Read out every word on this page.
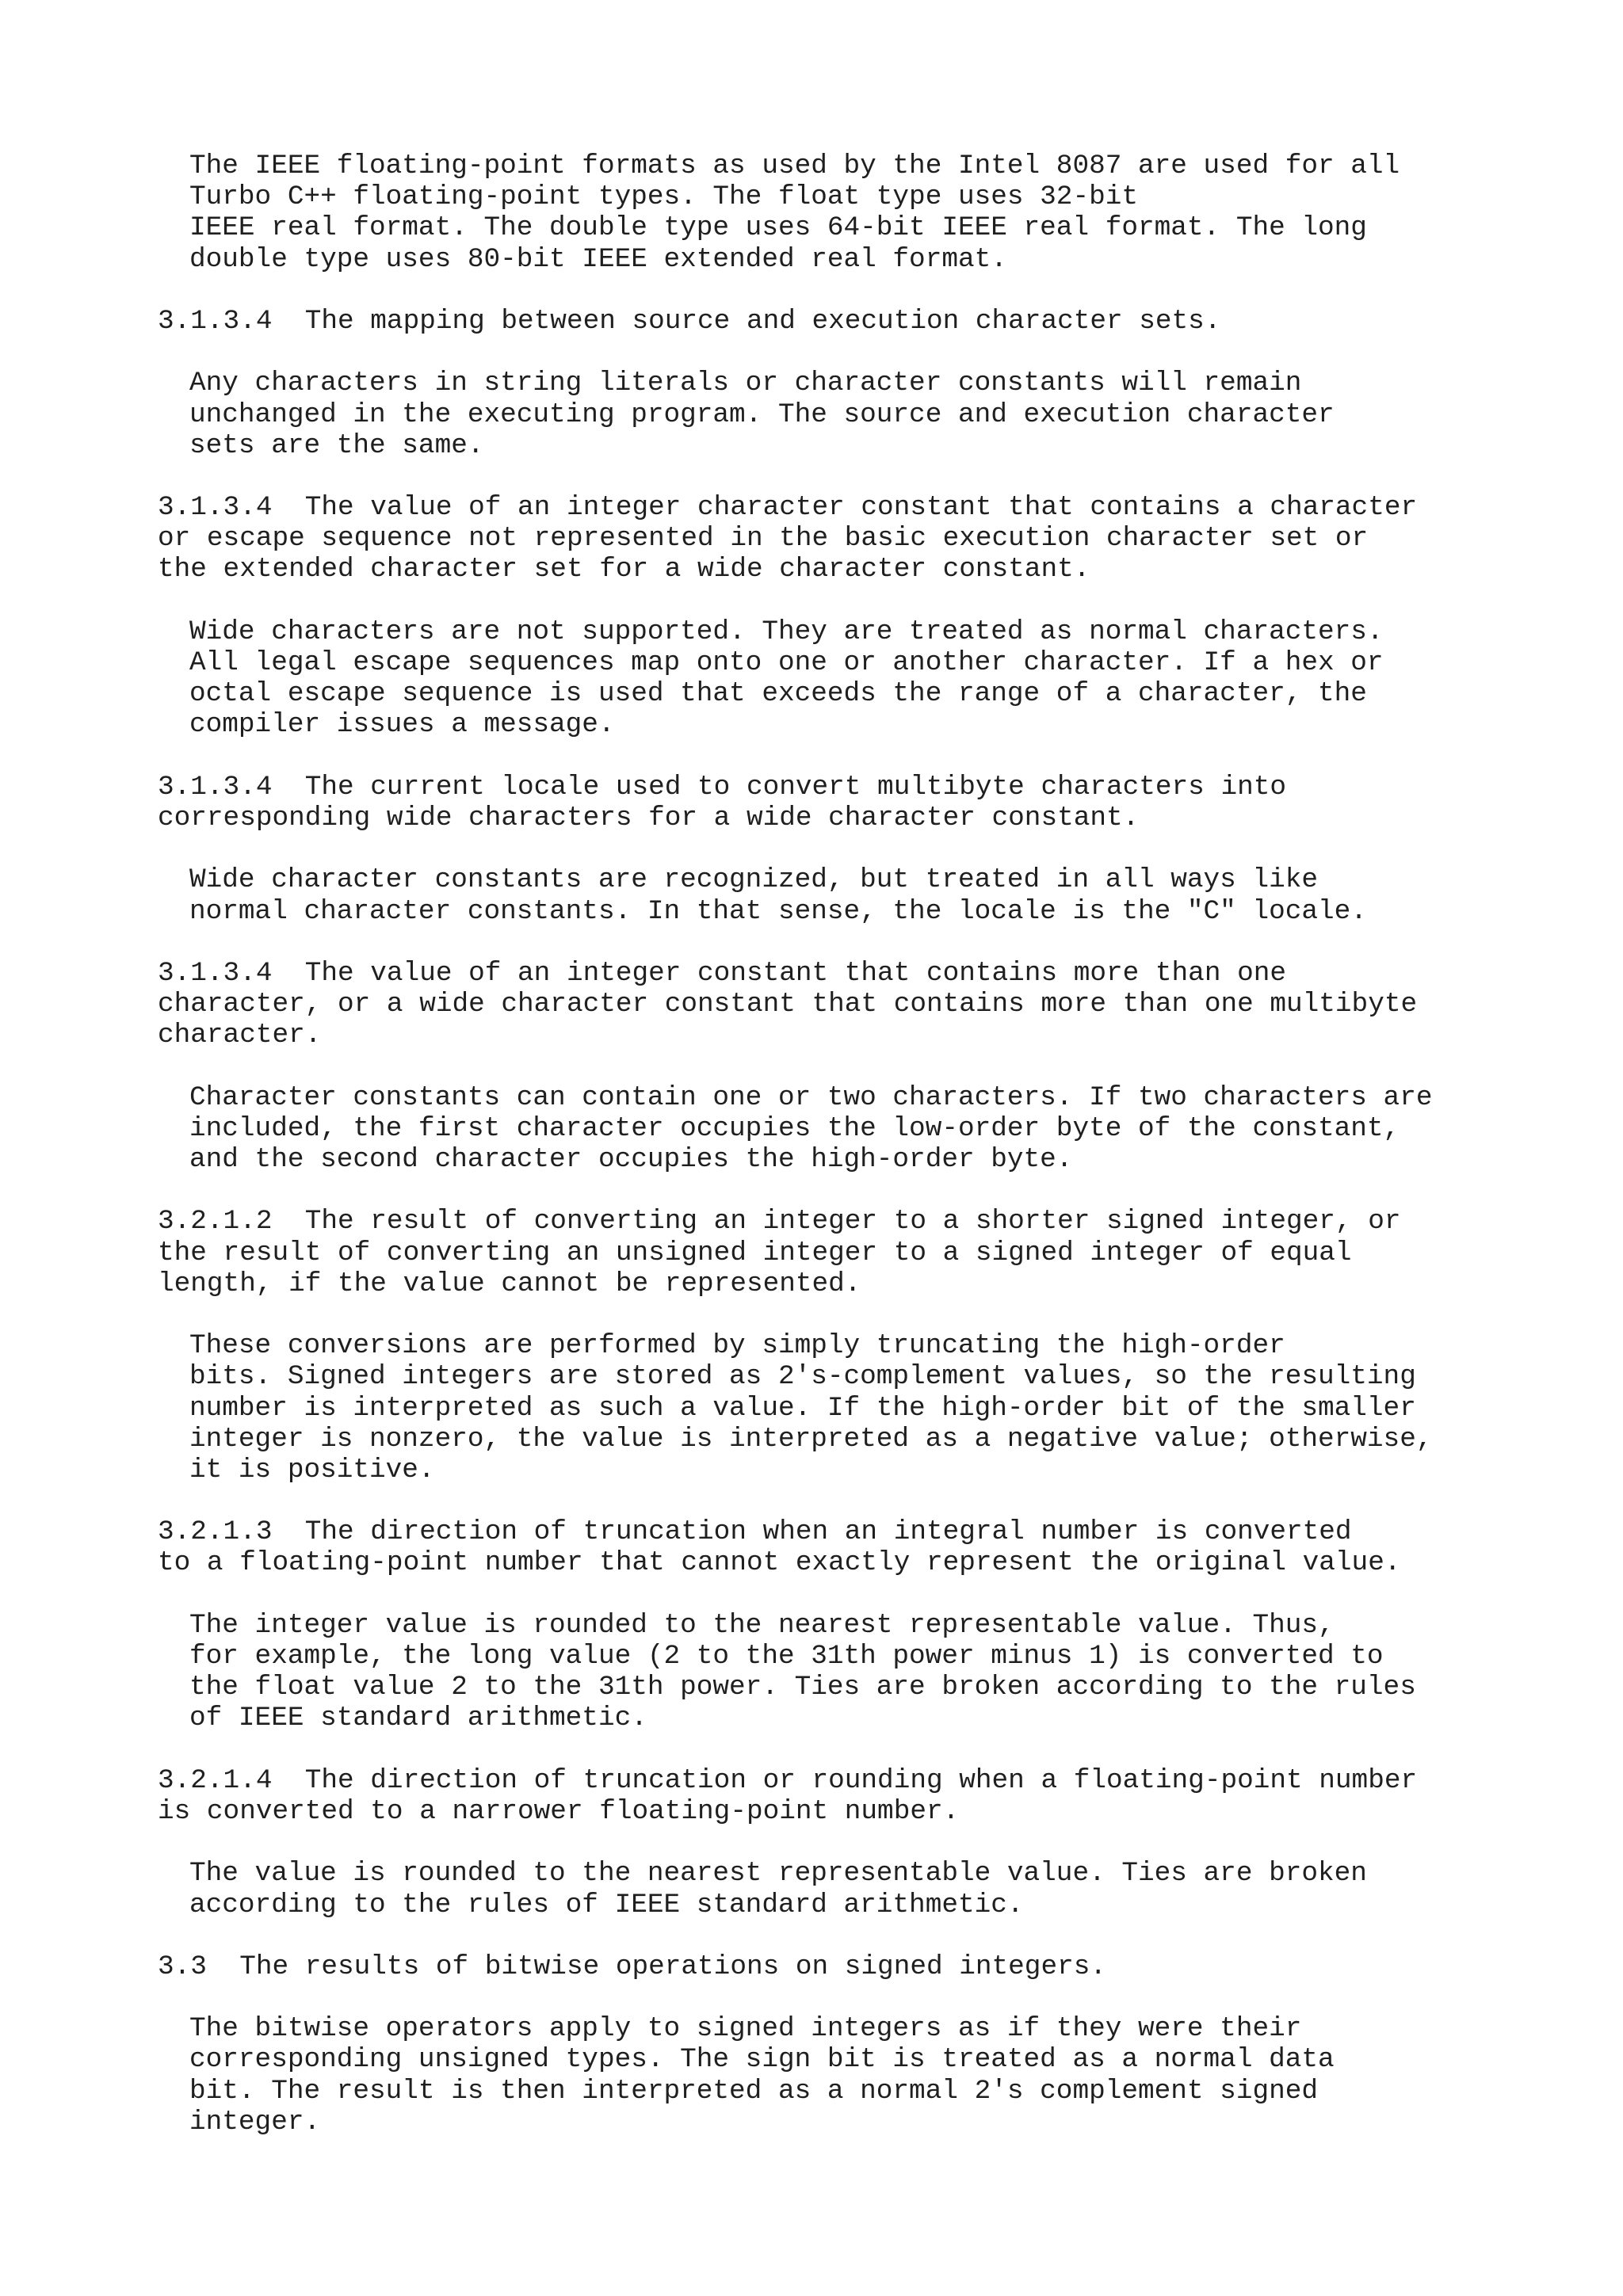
The IEEE floating-point formats as used by the Intel 8087 are used for all
Turbo C++ floating-point types. The float type uses 32-bit
IEEE real format. The double type uses 64-bit IEEE real format. The long
double type uses 80-bit IEEE extended real format.
3.1.3.4  The mapping between source and execution character sets.
Any characters in string literals or character constants will remain
unchanged in the executing program. The source and execution character
sets are the same.
3.1.3.4  The value of an integer character constant that contains a character
or escape sequence not represented in the basic execution character set or
the extended character set for a wide character constant.
Wide characters are not supported. They are treated as normal characters.
All legal escape sequences map onto one or another character. If a hex or
octal escape sequence is used that exceeds the range of a character, the
compiler issues a message.
3.1.3.4  The current locale used to convert multibyte characters into
corresponding wide characters for a wide character constant.
Wide character constants are recognized, but treated in all ways like
normal character constants. In that sense, the locale is the "C" locale.
3.1.3.4  The value of an integer constant that contains more than one
character, or a wide character constant that contains more than one multibyte
character.
Character constants can contain one or two characters. If two characters are
included, the first character occupies the low-order byte of the constant,
and the second character occupies the high-order byte.
3.2.1.2  The result of converting an integer to a shorter signed integer, or
the result of converting an unsigned integer to a signed integer of equal
length, if the value cannot be represented.
These conversions are performed by simply truncating the high-order
bits. Signed integers are stored as 2's-complement values, so the resulting
number is interpreted as such a value. If the high-order bit of the smaller
integer is nonzero, the value is interpreted as a negative value; otherwise,
it is positive.
3.2.1.3  The direction of truncation when an integral number is converted
to a floating-point number that cannot exactly represent the original value.
The integer value is rounded to the nearest representable value. Thus,
for example, the long value (2 to the 31th power minus 1) is converted to
the float value 2 to the 31th power. Ties are broken according to the rules
of IEEE standard arithmetic.
3.2.1.4  The direction of truncation or rounding when a floating-point number
is converted to a narrower floating-point number.
The value is rounded to the nearest representable value. Ties are broken
according to the rules of IEEE standard arithmetic.
3.3  The results of bitwise operations on signed integers.
The bitwise operators apply to signed integers as if they were their
corresponding unsigned types. The sign bit is treated as a normal data
bit. The result is then interpreted as a normal 2's complement signed
integer.
